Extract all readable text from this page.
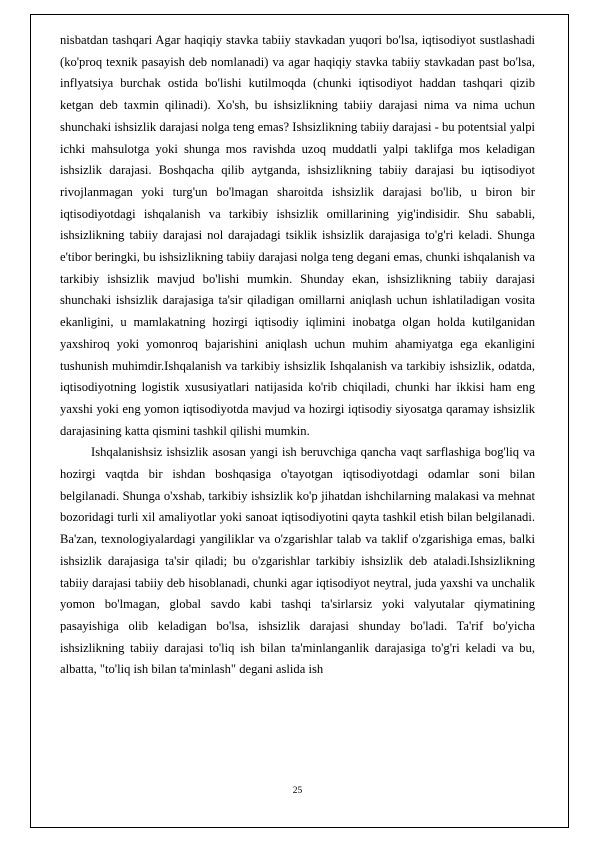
nisbatdan tashqari Agar haqiqiy stavka tabiiy stavkadan yuqori bo'lsa, iqtisodiyot sustlashadi (ko'proq texnik pasayish deb nomlanadi) va agar haqiqiy stavka tabiiy stavkadan past bo'lsa, inflyatsiya burchak ostida bo'lishi kutilmoqda (chunki iqtisodiyot haddan tashqari qizib ketgan deb taxmin qilinadi). Xo'sh, bu ishsizlikning tabiiy darajasi nima va nima uchun shunchaki ishsizlik darajasi nolga teng emas? Ishsizlikning tabiiy darajasi - bu potentsial yalpi ichki mahsulotga yoki shunga mos ravishda uzoq muddatli yalpi taklifga mos keladigan ishsizlik darajasi. Boshqacha qilib aytganda, ishsizlikning tabiiy darajasi bu iqtisodiyot rivojlanmagan yoki turg'un bo'lmagan sharoitda ishsizlik darajasi bo'lib, u biron bir iqtisodiyotdagi ishqalanish va tarkibiy ishsizlik omillarining yig'indisidir. Shu sababli, ishsizlikning tabiiy darajasi nol darajadagi tsiklik ishsizlik darajasiga to'g'ri keladi. Shunga e'tibor beringki, bu ishsizlikning tabiiy darajasi nolga teng degani emas, chunki ishqalanish va tarkibiy ishsizlik mavjud bo'lishi mumkin. Shunday ekan, ishsizlikning tabiiy darajasi shunchaki ishsizlik darajasiga ta'sir qiladigan omillarni aniqlash uchun ishlatiladigan vosita ekanligini, u mamlakatning hozirgi iqtisodiy iqlimini inobatga olgan holda kutilganidan yaxshiroq yoki yomonroq bajarishini aniqlash uchun muhim ahamiyatga ega ekanligini tushunish muhimdir.Ishqalanish va tarkibiy ishsizlik Ishqalanish va tarkibiy ishsizlik, odatda, iqtisodiyotning logistik xususiyatlari natijasida ko'rib chiqiladi, chunki har ikkisi ham eng yaxshi yoki eng yomon iqtisodiyotda mavjud va hozirgi iqtisodiy siyosatga qaramay ishsizlik darajasining katta qismini tashkil qilishi mumkin.

Ishqalanishsiz ishsizlik asosan yangi ish beruvchiga qancha vaqt sarflashiga bog'liq va hozirgi vaqtda bir ishdan boshqasiga o'tayotgan iqtisodiyotdagi odamlar soni bilan belgilanadi. Shunga o'xshab, tarkibiy ishsizlik ko'p jihatdan ishchilarning malakasi va mehnat bozoridagi turli xil amaliyotlar yoki sanoat iqtisodiyotini qayta tashkil etish bilan belgilanadi. Ba'zan, texnologiyalardagi yangiliklar va o'zgarishlar talab va taklif o'zgarishiga emas, balki ishsizlik darajasiga ta'sir qiladi; bu o'zgarishlar tarkibiy ishsizlik deb ataladi.Ishsizlikning tabiiy darajasi tabiiy deb hisoblanadi, chunki agar iqtisodiyot neytral, juda yaxshi va unchalik yomon bo'lmagan, global savdo kabi tashqi ta'sirlarsiz yoki valyutalar qiymatining pasayishiga olib keladigan bo'lsa, ishsizlik darajasi shunday bo'ladi. Ta'rif bo'yicha ishsizlikning tabiiy darajasi to'liq ish bilan ta'minlanganlik darajasiga to'g'ri keladi va bu, albatta, "to'liq ish bilan ta'minlash" degani aslida ish

25
